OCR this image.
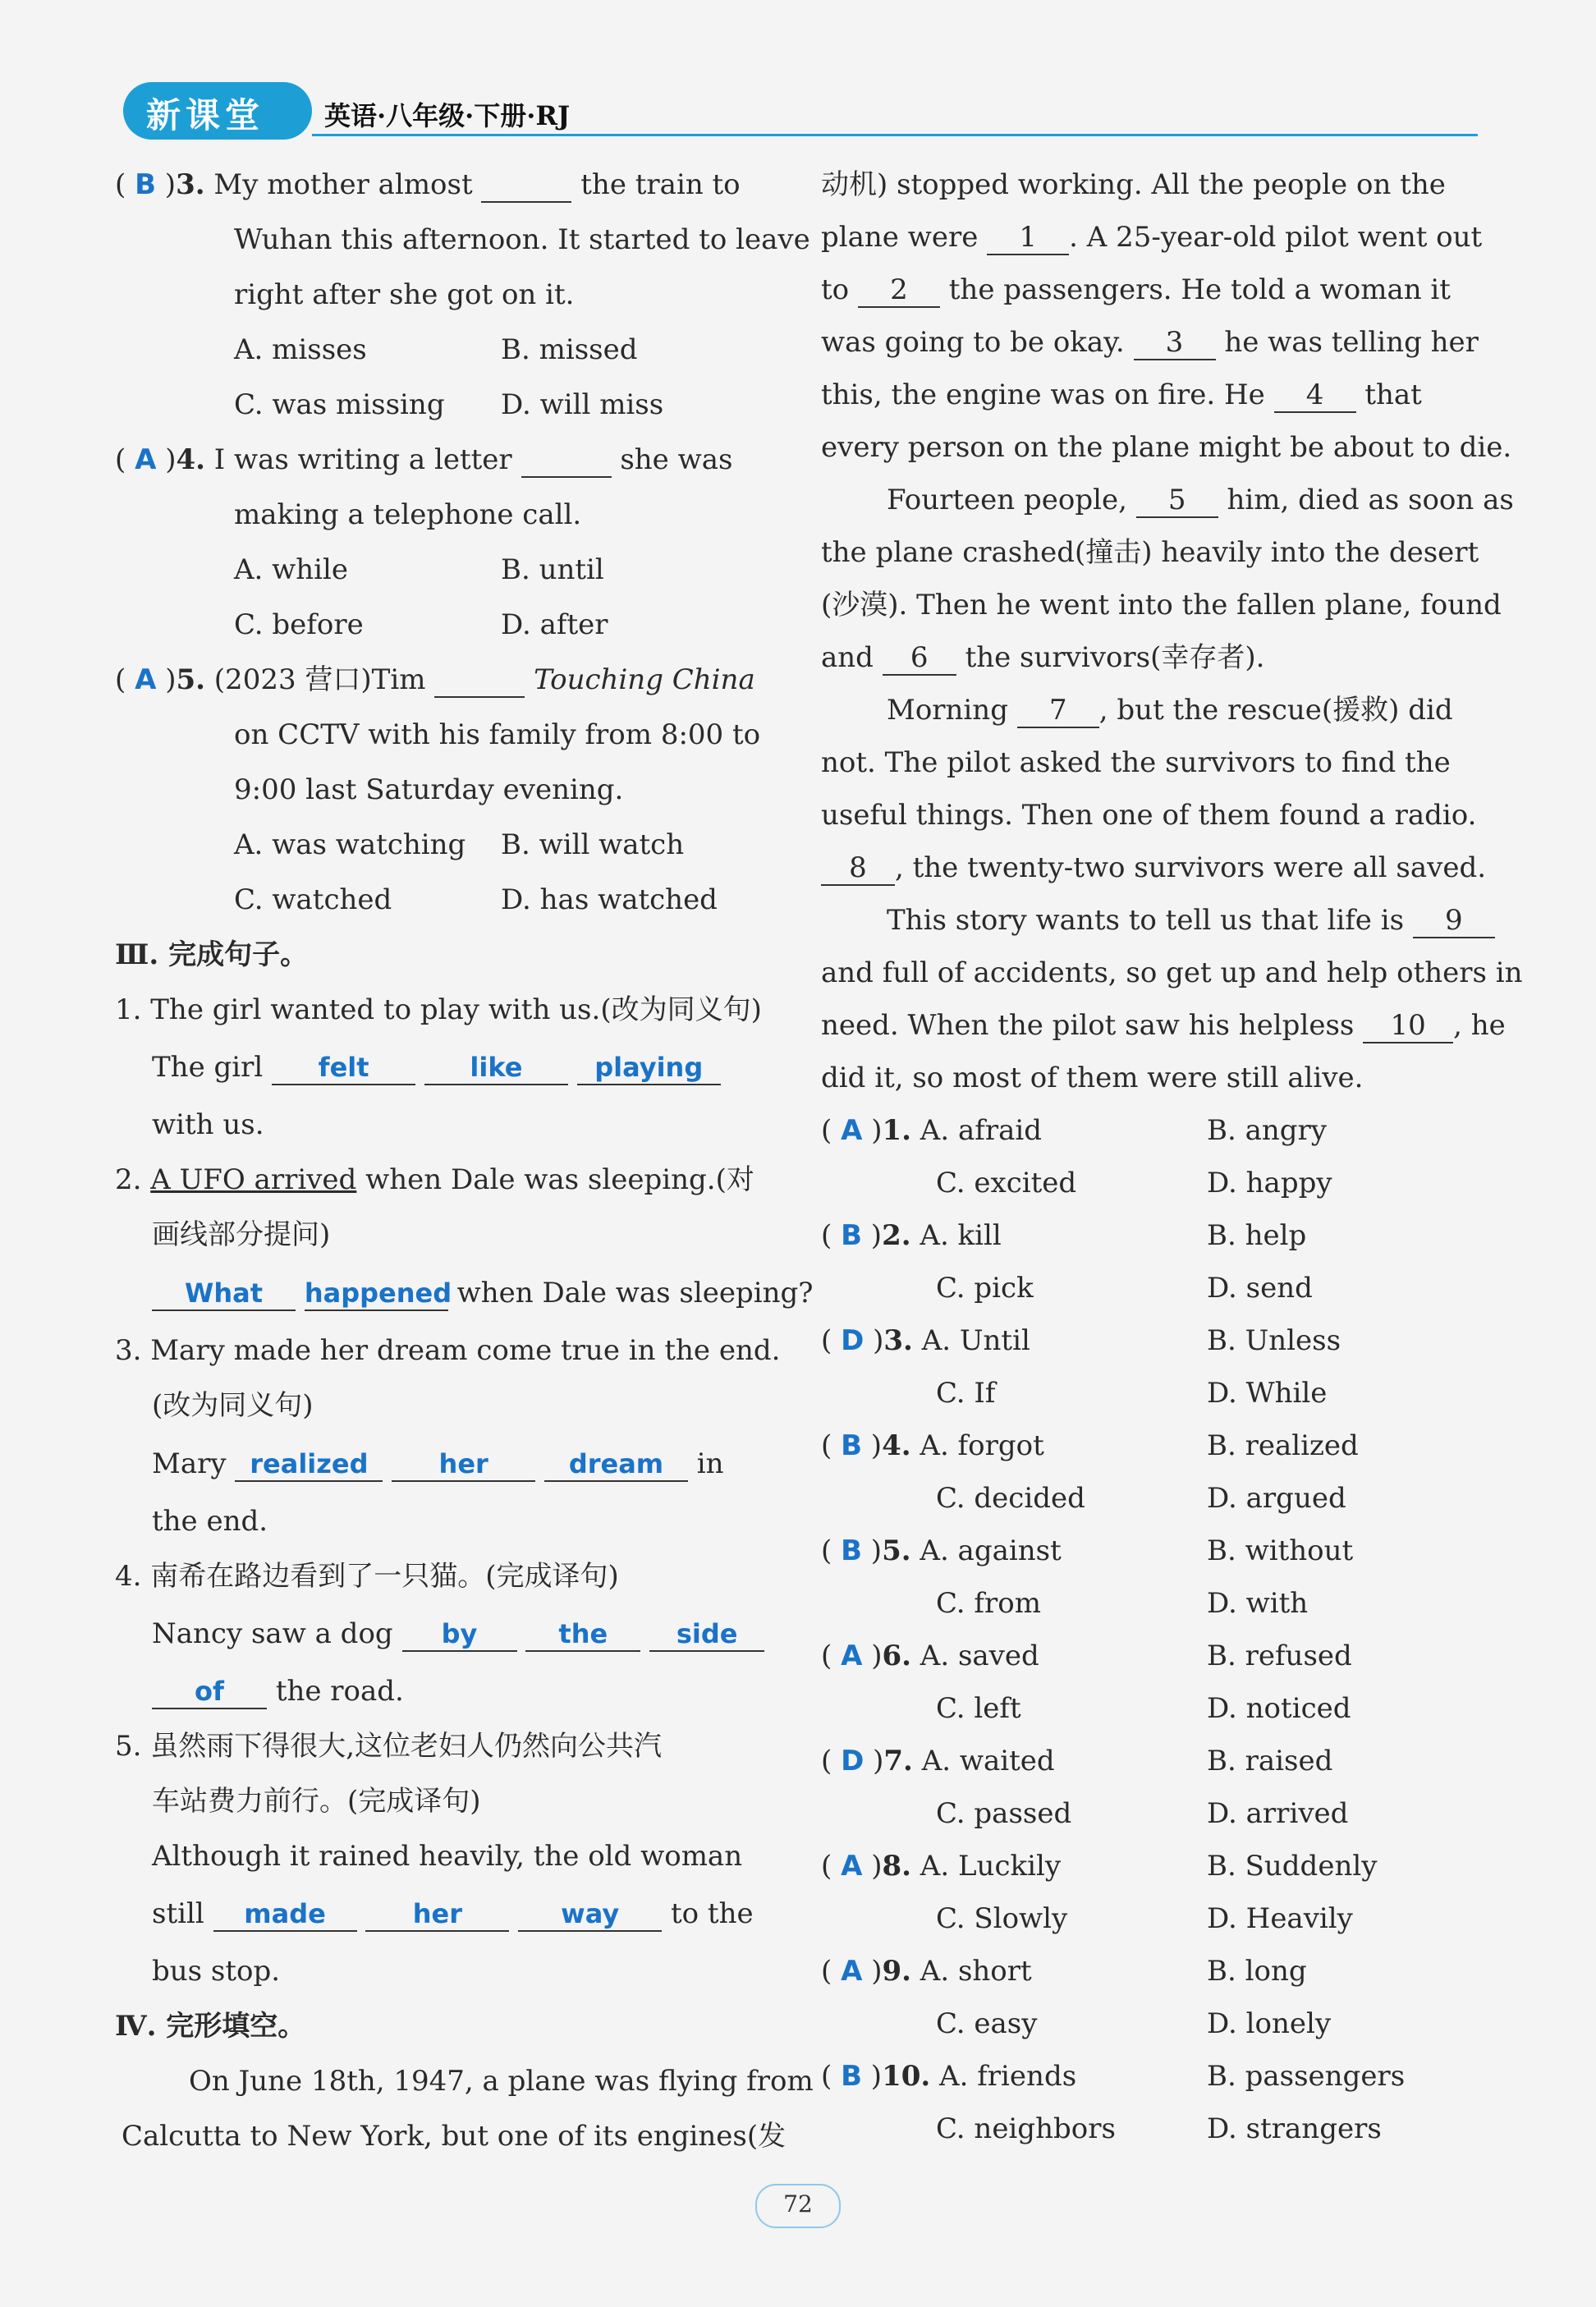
新课堂 英语·八年级·下册·RJ
( B )3. My mother almost	the train to
Wuhan this afternoon. It started to leave
right after she got on it.
A. misses	B. missed
C. was missing D. will miss
( A )4. I was writing a letter	she was
making a telephone call.
A. while	B. until
C. before	D. after
( A )5. (2023 营口)Tim	Touching China
on CCTV with his family from 8:00 to
9:00 last Saturday evening.
A. was watching B. will watch
C. watched	D. has watched
Ⅲ. 完成句子。
1. The girl wanted to play with us.(改为同义句)
The girl felt	like	playing
with us.
2. A UFO arrived when Dale was sleeping.(对
画线部分提问)
What happened when Dale was sleeping?
3. Mary made her dream come true in the end.
(改为同义句)
Mary realized	her	dream in
the end.
4. 南希在路边看到了一只猫。(完成译句)
Nancy saw a dog by	the	side
of the road.
5. 虽然雨下得很大,这位老妇人仍然向公共汽
车站费力前行。(完成译句)
Although it rained heavily, the old woman
still made	her	way to the
bus stop.
Ⅳ. 完形填空。
On June 18th, 1947, a plane was flying from
Calcutta to New York, but one of its engines(发
动机) stopped working. All the people on the
plane were 1 . A 25-year-old pilot went out
to 2 the passengers. He told a woman it
was going to be okay. 3 he was telling her
this, the engine was on fire. He 4 that
every person on the plane might be about to die.
Fourteen people, 5 him, died as soon as
the plane crashed(撞击) heavily into the desert
(沙漠). Then he went into the fallen plane, found
and 6 the survivors(幸存者).
Morning 7 , but the rescue(援救) did
not. The pilot asked the survivors to find the
useful things. Then one of them found a radio.
8 , the twenty-two survivors were all saved.
This story wants to tell us that life is 9
and full of accidents, so get up and help others in
need. When the pilot saw his helpless 10 , he
did it, so most of them were still alive.
( A )1. A. afraid	B. angry
C. excited	D. happy
( B )2. A. kill	B. help
C. pick	D. send
( D )3. A. Until	B. Unless
C. If	D. While
( B )4. A. forgot	B. realized
C. decided	D. argued
( B )5. A. against	B. without
C. from	D. with
( A )6. A. saved	B. refused
C. left	D. noticed
( D )7. A. waited	B. raised
C. passed	D. arrived
( A )8. A. Luckily	B. Suddenly
C. Slowly	D. Heavily
( A )9. A. short	B. long
C. easy	D. lonely
( B )10. A. friends	B. passengers
C. neighbors	D. strangers
72
